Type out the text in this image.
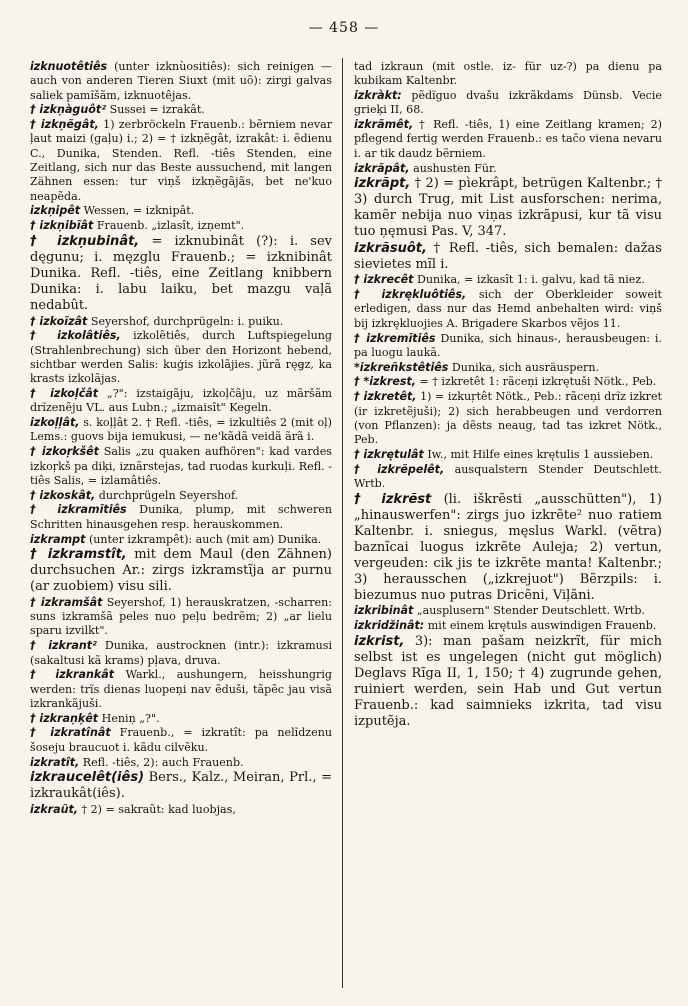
— 458 —

izknuotêtiês (unter izknùositiês): sich reinigen — auch von anderen Tieren Siuxt (mit uõ): zirgi galvas saliek pamĩšãm, izknuotêjas.

† izkņàguôt² Sussei = izrakât.

† izkņẽgât, 1) zerbröckeln Frauenb.: bẽrniem nevar ļaut maizi (gaļu) i.; 2) = † izkņẽgât, izrakât: i. ẽdienu C., Dunika, Stenden. Refl. -tiês Stenden, eine Zeitlang, sich nur das Beste aussuchend, mit langen Zähnen essen: tur viņš izkņẽgãjãs, bet ne'kuo neapẽda.

izkņipêt Wessen, = izknipât.

† izkņibĩât Frauenb. „izlasît, izņemt".

† izkņubinât, = izknubinât (?): i. sev dęgunu; i. męzglu Frauenb.; = izknibinât Dunika. Refl. -tiês, eine Zeitlang knibbern Dunika: i. labu laiku, bet mazgu vaļã nedabût.

† izkoĩzât Seyershof, durchprügeln: i. puiku.

† izkolâtiês, izkolẽtiês, durch Luftspiegelung (Strahlenbrechung) sich über den Horizont hebend, sichtbar werden Salis: kuģis izkolãjies. jũrã ręꞡz, ka krasts izkolãjas.

† izkoļčât „?": izstaigãju, izkoļčãju, uz mãršãm drĩzenẽju VL. aus Lubn.; „izmaisît" Kegeln.

izkoļļât, s. koļļât 2. † Refl. -tiês, = izkultiês 2 (mit oļ) Lems.: guovs bija iemukusi, — ne'kãdã veidã ãrã i.

† izkoŗkšêt Salis „zu quaken aufhören": kad vardes izkoŗkš pa diķi, iznãrstejas, tad ruodas kurkuļi. Refl. -tiês Salis, = izlamâtiês.

† izkoskât, durchprügeln Seyershof.

† izkramĩtiês Dunika, plump, mit schweren Schritten hinausgehen resp. herauskommen.

izkrampt (unter izkrampêt): auch (mit am) Dunika.

† izkramstît, mit dem Maul (den Zähnen) durchsuchen Ar.: zirgs izkramstĩja ar purnu (ar zuobiem) visu sili.

† izkramšât Seyershof, 1) herauskratzen, -scharren: suns izkramšã peles nuo peļu bedrẽm; 2) „ar lielu sparu izvilkt".

† izkrant² Dunika, austrocknen (intr.): izkramusi (sakaltusi kã krams) pļava, druva.

† izkrankât Warkl., aushungern, heisshungrig werden: trĩs dienas luopeņi nav ẽduši, tãpẽc jau visã izkrankãjuši.

† izkraņķêt Heniņ „?".

† izkratînât Frauenb., = izkratît: pa nelĩdzenu šoseju braucuot i. kãdu cilvẽku.

izkratît, Refl. -tiês, 2): auch Frauenb.

izkraucelêt(iês) Bers., Kalz., Meiran, Prl., = izkraukât(iês).

izkraũt, † 2) = sakraũt: kad luobjas,

tad izkraun (mit ostle. iz- für uz-?) pa dienu pa kubikam Kaltenbr.

izkràkt: pẽdĩguo dvašu izkrãkdams Dünsb. Vecie grieķi II, 68.

izkrãmêt, † Refl. -tiês, 1) eine Zeitlang kramen; 2) pflegend fertig werden Frauenb.: es tačo viena nevaru i. ar tik daudz bẽrniem.

izkrãpât, aushusten Für.

izkrãpt, † 2) = pìekrâpt, betrügen Kaltenbr.; † 3) durch Trug, mit List ausforschen: nerima, kamẽr nebija nuo viņas izkrãpusi, kur tã visu tuo ņęmusi Pas. V, 347.

izkrãsuôt, † Refl. -tiês, sich bemalen: dažas sievietes mĩl i.

† izkrecêt Dunika, = izkasît 1: i. galvu, kad tã niez.

† izkrękluôtiês, sich der Oberkleider soweit erledigen, dass nur das Hemd anbehalten wird: viņš bij izkrękluojies A. Brigadere Skarbos vẽjos 11.

† izkremĩtiês Dunika, sich hinaus-, herausbeugen: i. pa luogu laukã.

*izkreñkstêtiês Dunika, sich ausräuspern.

† *izkrest, = † izkretêt 1: rãceņi izkrętuši Nötk., Peb.

† izkretêt, 1) = izkuŗtêt Nötk., Peb.: rãceņi drĩz izkret (ir izkretẽjuši); 2) sich herabbeugen und verdorren (von Pflanzen): ja dẽsts neaug, tad tas izkret Nötk., Peb.

† izkrętulât Iw., mit Hilfe eines krętulis 1 aussieben.

† izkrẽpelêt, ausqualstern Stender Deutschlett. Wrtb.

† izkrẽst (li. iškrẽsti „ausschütten"), 1) „hinauswerfen": zirgs juo izkrẽte² nuo ratiem Kaltenbr. i. sniegus, męslus Warkl. (vẽtra) baznĩcai luogus izkrẽte Auleja; 2) vertun, vergeuden: cik jis te izkrẽte manta! Kaltenbr.; 3) herausschen („izkrejuot") Bẽrzpils: i. biezumus nuo putras Dricẽni, Viļãni.

izkribinât „ausplusern" Stender Deutschlett. Wrtb.

izkridžinât: mit einem krętuls auswindigen Frauenb.

izkrist, 3): man pašam neizkrĩt, für mich selbst ist es ungelegen (nicht gut möglich) Deglavs Rĩga II, 1, 150; † 4) zugrunde gehen, ruiniert werden, sein Hab und Gut vertun Frauenb.: kad saimnieks izkrita, tad visu izputẽja.
